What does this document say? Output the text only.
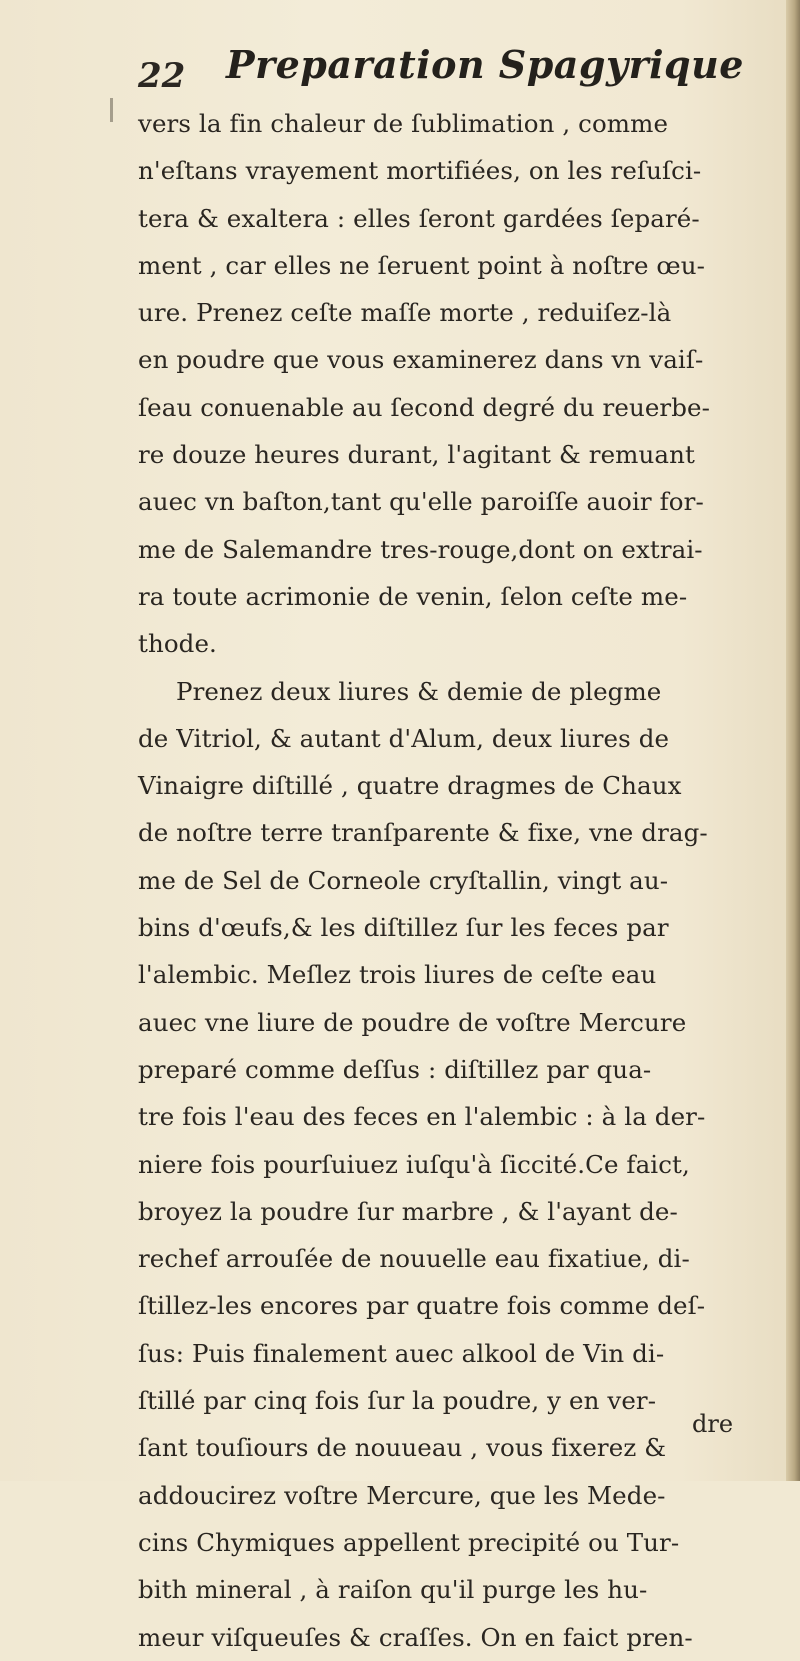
22 Preparation Spagyrique
vers la fin chaleur de ſublimation , comme
n'eſtans vrayement mortifiées, on les reſuſci-
tera & exaltera : elles ſeront gardées ſeparé-
ment , car elles ne ſeruent point à noſtre œu-
ure. Prenez ceſte maſſe morte , reduiſez-là
en poudre que vous examinerez dans vn vaiſ-
ſeau conuenable au ſecond degré du reuerbe-
re douze heures durant, l'agitant & remuant
auec vn baſton,tant qu'elle paroiſſe auoir for-
me de Salemandre tres-rouge,dont on extrai-
ra toute acrimonie de venin, ſelon ceſte me-
thode.
Prenez deux liures & demie de plegme
de Vitriol, & autant d'Alum, deux liures de
Vinaigre diſtillé , quatre dragmes de Chaux
de noſtre terre tranſparente & fixe, vne drag-
me de Sel de Corneole cryſtallin, vingt au-
bins d'œufs,& les diſtillez ſur les feces par
l'alembic. Meſlez trois liures de ceſte eau
auec vne liure de poudre de voſtre Mercure
preparé comme deſſus : diſtillez par qua-
tre fois l'eau des feces en l'alembic : à la der-
niere fois pourſuiuez iuſqu'à ſiccité.Ce faict,
broyez la poudre ſur marbre , & l'ayant de-
rechef arrouſée de nouuelle eau fixatiue, di-
ſtillez-les encores par quatre fois comme deſ-
ſus: Puis finalement auec alkool de Vin di-
ſtillé par cinq fois ſur la poudre, y en ver-
ſant touſiours de nouueau , vous fixerez &
addoucirez voſtre Mercure, que les Mede-
cins Chymiques appellent precipité ou Tur-
bith mineral , à raiſon qu'il purge les hu-
meur viſqueuſes & craſſes. On en faict pren-
dre
